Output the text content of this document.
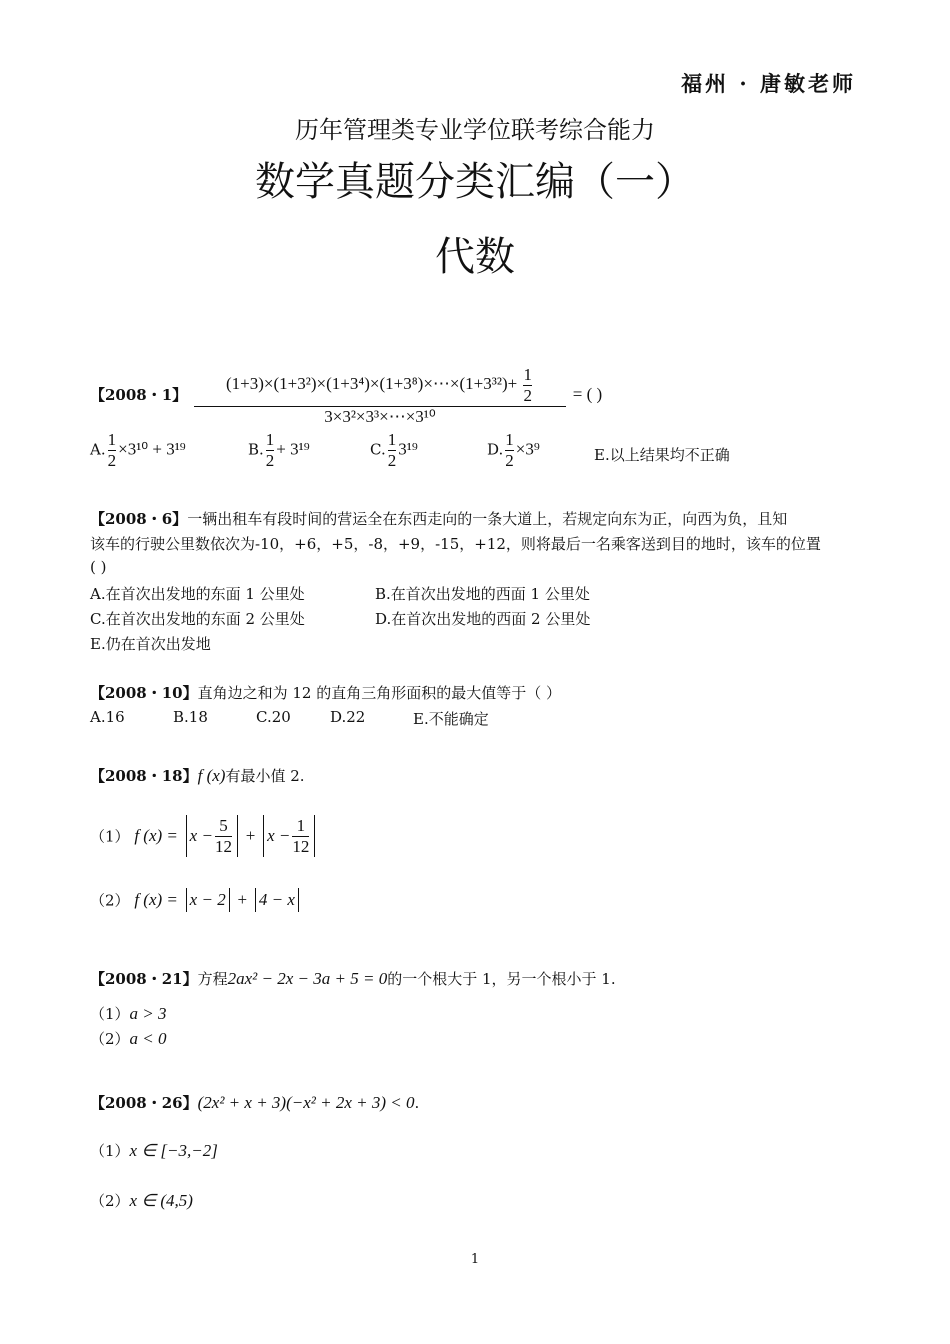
福州 · 唐敏老师
历年管理类专业学位联考综合能力
数学真题分类汇编（一）
代数
【2008・1】
(1+3)×(1+3²)×(1+3⁴)×(1+3⁸)×⋯×(1+3³²)+ $\frac{1}{2}$
3×3²×3³×⋯×3¹⁰
= ( )
A. $\frac{1}{2} \times 3^{10} + 3^{19}$	B. $\frac{1}{2} + 3^{19}$	C. $\frac{1}{2} 3^{19}$	D. $\frac{1}{2} \times 3^9$	E.以上结果均不正确
【2008・6】一辆出租车有段时间的营运全在东西走向的一条大道上，若规定向东为正，向西为负，且知
该车的行驶公里数依次为-10，+6，+5，-8，+9，-15，+12，则将最后一名乘客送到目的地时，该车的位置
( )
A.在首次出发地的东面 1 公里处	B.在首次出发地的西面 1 公里处
C.在首次出发地的东面 2 公里处	D.在首次出发地的西面 2 公里处
E.仍在首次出发地
【2008・10】直角边之和为 12 的直角三角形面积的最大值等于（ ）
A.16	B.18	C.20	D.22	E.不能确定
【2008・18】f (x)有最小值 2.
（1） f $(x) = x - \frac{5}{12} + x - \frac{1}{12}$
（2） f (x) = x − 2 + 4 − x
【2008・21】方程2ax² − 2x − 3a + 5 = 0的一个根大于 1，另一个根小于 1.
（1）a > 3
（2）a < 0
【2008・26】(2x² + x + 3)(−x² + 2x + 3) < 0.
（1）x ∈ [−3,−2]
（2）x ∈ (4,5)
1
